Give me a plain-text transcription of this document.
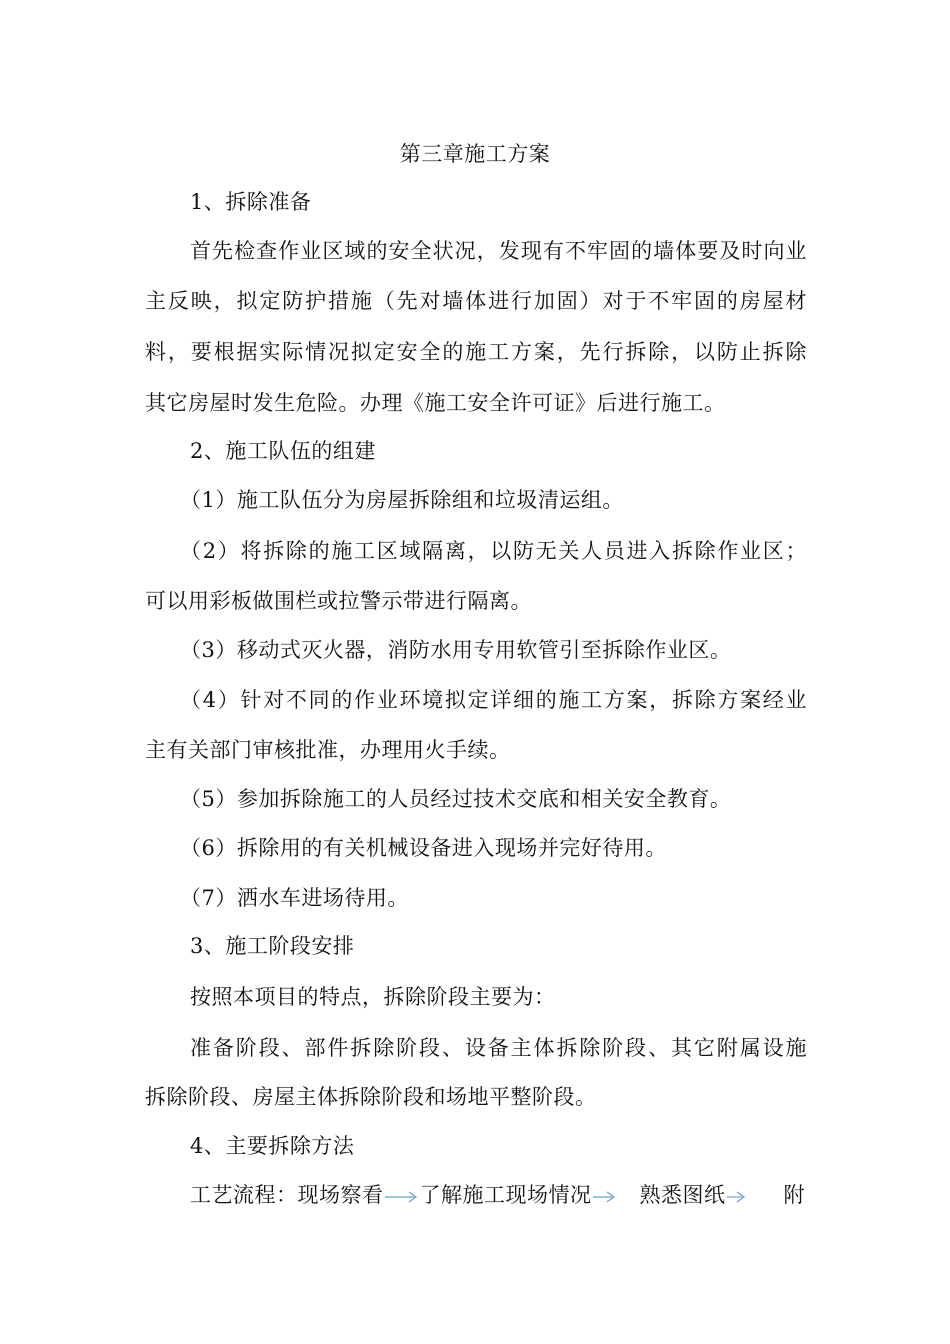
第三章施工方案
1、拆除准备
首先检查作业区域的安全状况，发现有不牢固的墙体要及时向业
主反映，拟定防护措施（先对墙体进行加固）对于不牢固的房屋材
料，要根据实际情况拟定安全的施工方案，先行拆除，以防止拆除
其它房屋时发生危险。办理《施工安全许可证》后进行施工。
2、施工队伍的组建
（1）施工队伍分为房屋拆除组和垃圾清运组。
（2）将拆除的施工区域隔离，以防无关人员进入拆除作业区；
可以用彩板做围栏或拉警示带进行隔离。
（3）移动式灭火器，消防水用专用软管引至拆除作业区。
（4）针对不同的作业环境拟定详细的施工方案，拆除方案经业
主有关部门审核批准，办理用火手续。
（5）参加拆除施工的人员经过技术交底和相关安全教育。
（6）拆除用的有关机械设备进入现场并完好待用。
（7）洒水车进场待用。
3、施工阶段安排
按照本项目的特点，拆除阶段主要为：
准备阶段、部件拆除阶段、设备主体拆除阶段、其它附属设施
拆除阶段、房屋主体拆除阶段和场地平整阶段。
4、主要拆除方法
工艺流程：现场察看 了解施工现场情况 熟悉图纸	附
